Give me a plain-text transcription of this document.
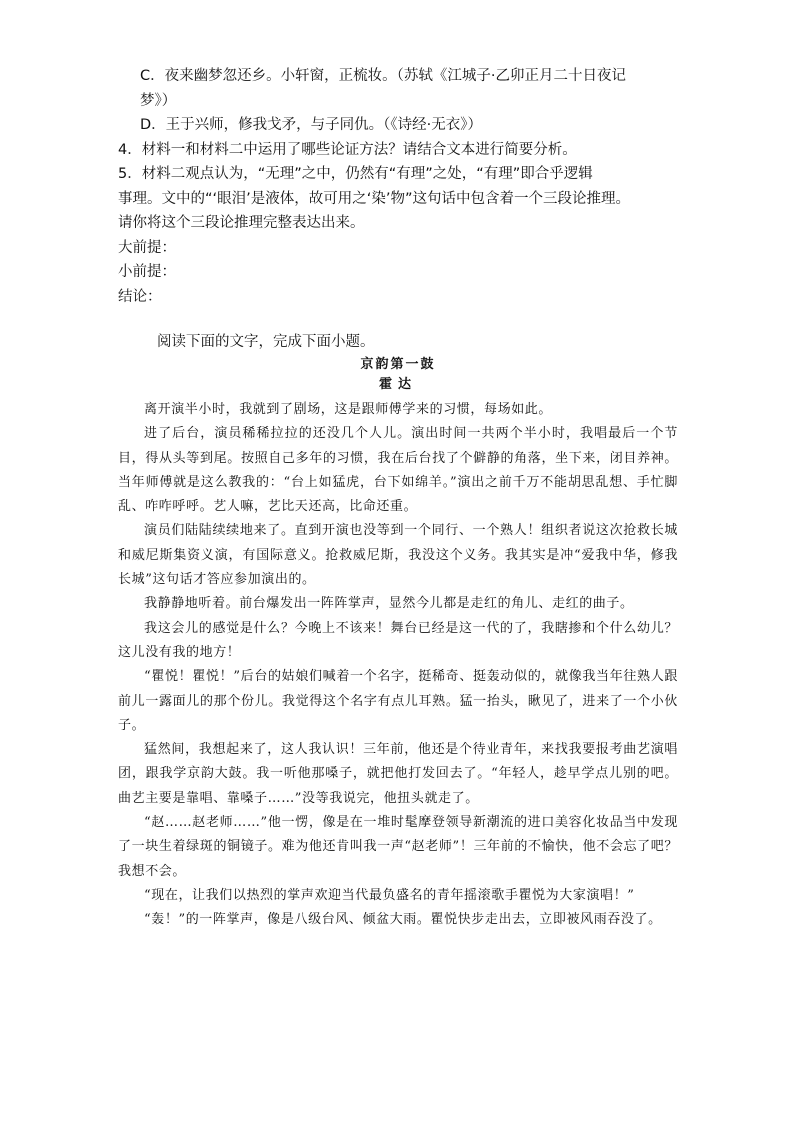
C．夜来幽梦忽还乡。小轩窗，正梳妆。（苏轼《江城子·乙卯正月二十日夜记
梦》）
D．王于兴师，修我戈矛，与子同仇。（《诗经·无衣》）
4．材料一和材料二中运用了哪些论证方法？请结合文本进行简要分析。
5．材料二观点认为，“无理”之中，仍然有“有理”之处，“有理”即合乎逻辑
事理。文中的“‘眼泪’是液体，故可用之‘染’物”这句话中包含着一个三段论推理。
请你将这个三段论推理完整表达出来。
大前提：
小前提：
结论：
阅读下面的文字，完成下面小题。
京韵第一鼓
霍达

离开演半小时，我就到了剧场，这是跟师傅学来的习惯，每场如此。

进了后台，演员稀稀拉拉的还没几个人儿。演出时间一共两个半小时，我唱最后一个节目，得从头等到尾。按照自己多年的习惯，我在后台找了个僻静的角落，坐下来，闭目养神。当年师傅就是这么教我的：“台上如猛虎，台下如绵羊。”演出之前千万不能胡思乱想、手忙脚乱、咋咋呼呼。艺人嘛，艺比天还高，比命还重。

演员们陆陆续续地来了。直到开演也没等到一个同行、一个熟人！组织者说这次抢救长城和威尼斯集资义演，有国际意义。抢救威尼斯，我没这个义务。我其实是冲“爱我中华，修我长城”这句话才答应参加演出的。

我静静地听着。前台爆发出一阵阵掌声，显然今儿都是走红的角儿、走红的曲子。

我这会儿的感觉是什么？今晚上不该来！舞台已经是这一代的了，我瞎掺和个什么幼儿？这儿没有我的地方！

“瞿悦！瞿悦！”后台的姑娘们喊着一个名字，挺稀奇、挺轰动似的，就像我当年往熟人跟前儿一露面儿的那个份儿。我觉得这个名字有点儿耳熟。猛一抬头，瞅见了，进来了一个小伙子。

猛然间，我想起来了，这人我认识！三年前，他还是个待业青年，来找我要报考曲艺演唱团，跟我学京韵大鼓。我一听他那嗓子，就把他打发回去了。“年轻人，趁早学点儿别的吧。曲艺主要是靠唱、靠嗓子……”没等我说完，他扭头就走了。

“赵……赵老师……”他一愣，像是在一堆时髦摩登领导新潮流的进口美容化妆品当中发现了一块生着绿斑的铜镜子。难为他还肯叫我一声“赵老师”！三年前的不愉快，他不会忘了吧？我想不会。

“现在，让我们以热烈的掌声欢迎当代最负盛名的青年摇滚歌手瞿悦为大家演唱！”

“轰！”的一阵掌声，像是八级台风、倾盆大雨。瞿悦快步走出去，立即被风雨吞没了。
